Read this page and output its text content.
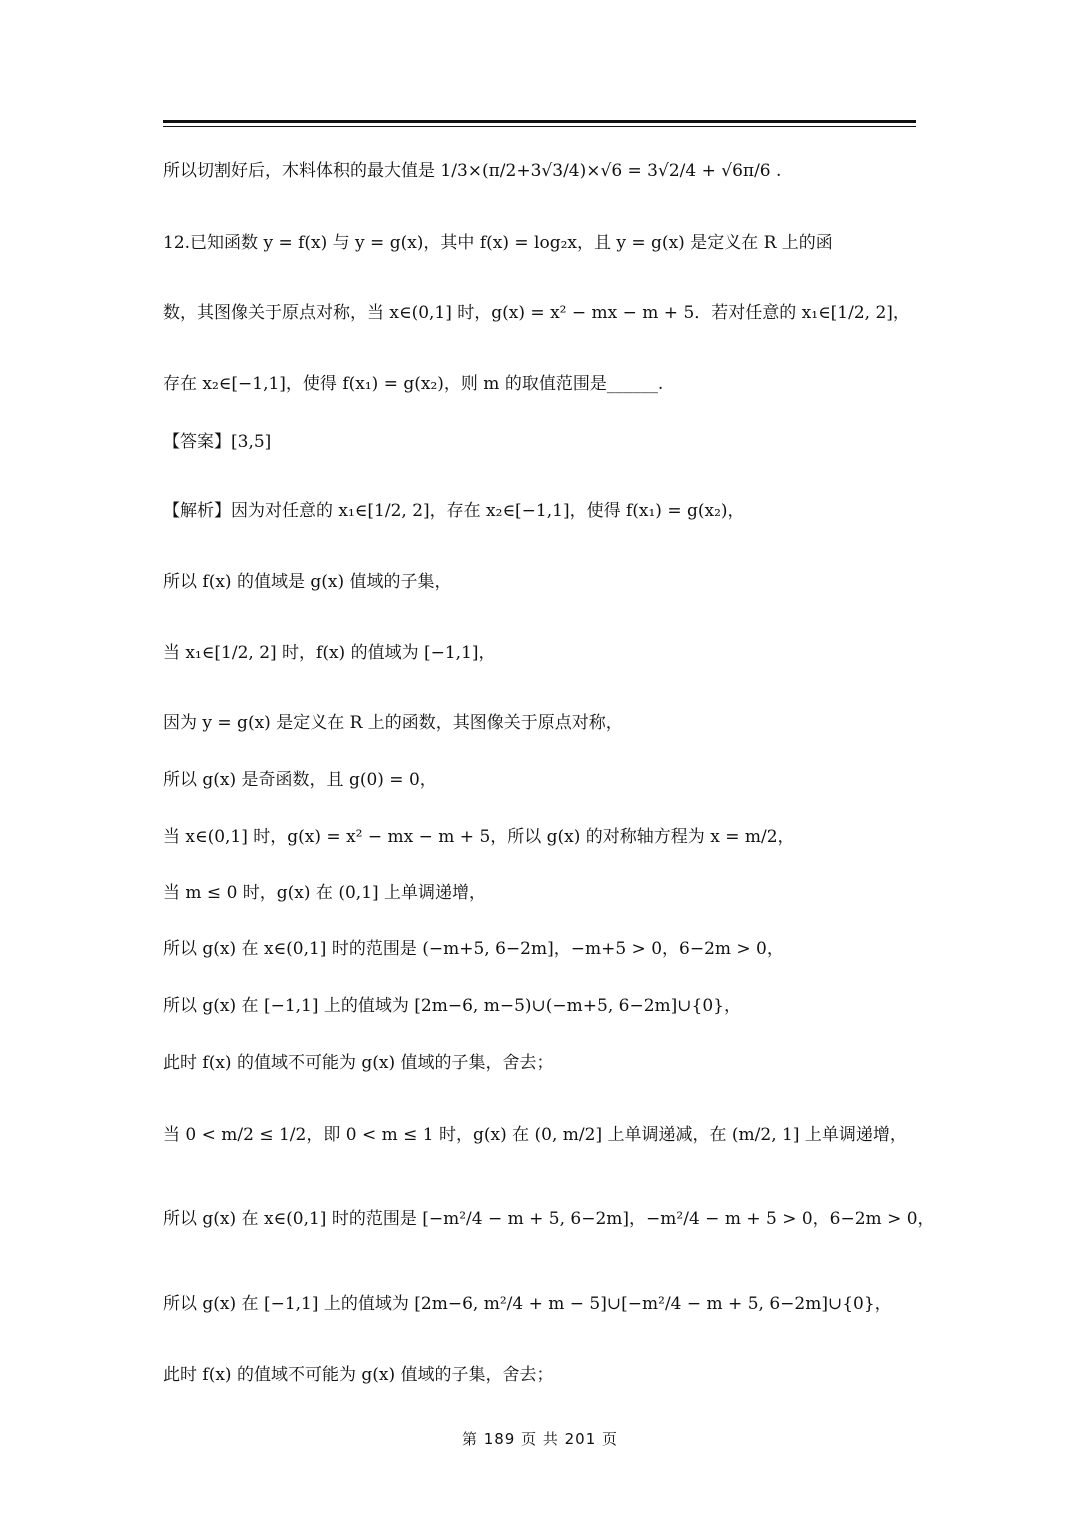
所以切割好后，木料体积的最大值是 1/3×(π/2+3√3/4)×√6 = 3√2/4 + √6π/6 .
12.已知函数 y = f(x) 与 y = g(x)，其中 f(x) = log₂x，且 y = g(x) 是定义在 R 上的函
数，其图像关于原点对称，当 x∈(0,1] 时，g(x) = x² − mx − m + 5．若对任意的 x₁∈[1/2, 2]，
存在 x₂∈[−1,1]，使得 f(x₁) = g(x₂)，则 m 的取值范围是______.
【答案】[3,5]
【解析】因为对任意的 x₁∈[1/2, 2]，存在 x₂∈[−1,1]，使得 f(x₁) = g(x₂)，
所以 f(x) 的值域是 g(x) 值域的子集，
当 x₁∈[1/2, 2] 时，f(x) 的值域为 [−1,1]，
因为 y = g(x) 是定义在 R 上的函数，其图像关于原点对称，
所以 g(x) 是奇函数，且 g(0) = 0，
当 x∈(0,1] 时，g(x) = x² − mx − m + 5，所以 g(x) 的对称轴方程为 x = m/2，
当 m ≤ 0 时，g(x) 在 (0,1] 上单调递增，
所以 g(x) 在 x∈(0,1] 时的范围是 (−m+5, 6−2m]，−m+5 > 0，6−2m > 0，
所以 g(x) 在 [−1,1] 上的值域为 [2m−6, m−5)∪(−m+5, 6−2m]∪{0}，
此时 f(x) 的值域不可能为 g(x) 值域的子集，舍去；
当 0 < m/2 ≤ 1/2，即 0 < m ≤ 1 时，g(x) 在 (0, m/2] 上单调递减，在 (m/2, 1] 上单调递增，
所以 g(x) 在 x∈(0,1] 时的范围是 [−m²/4 − m + 5, 6−2m]，−m²/4 − m + 5 > 0，6−2m > 0，
所以 g(x) 在 [−1,1] 上的值域为 [2m−6, m²/4 + m − 5]∪[−m²/4 − m + 5, 6−2m]∪{0}，
此时 f(x) 的值域不可能为 g(x) 值域的子集，舍去；
第 189 页 共 201 页
